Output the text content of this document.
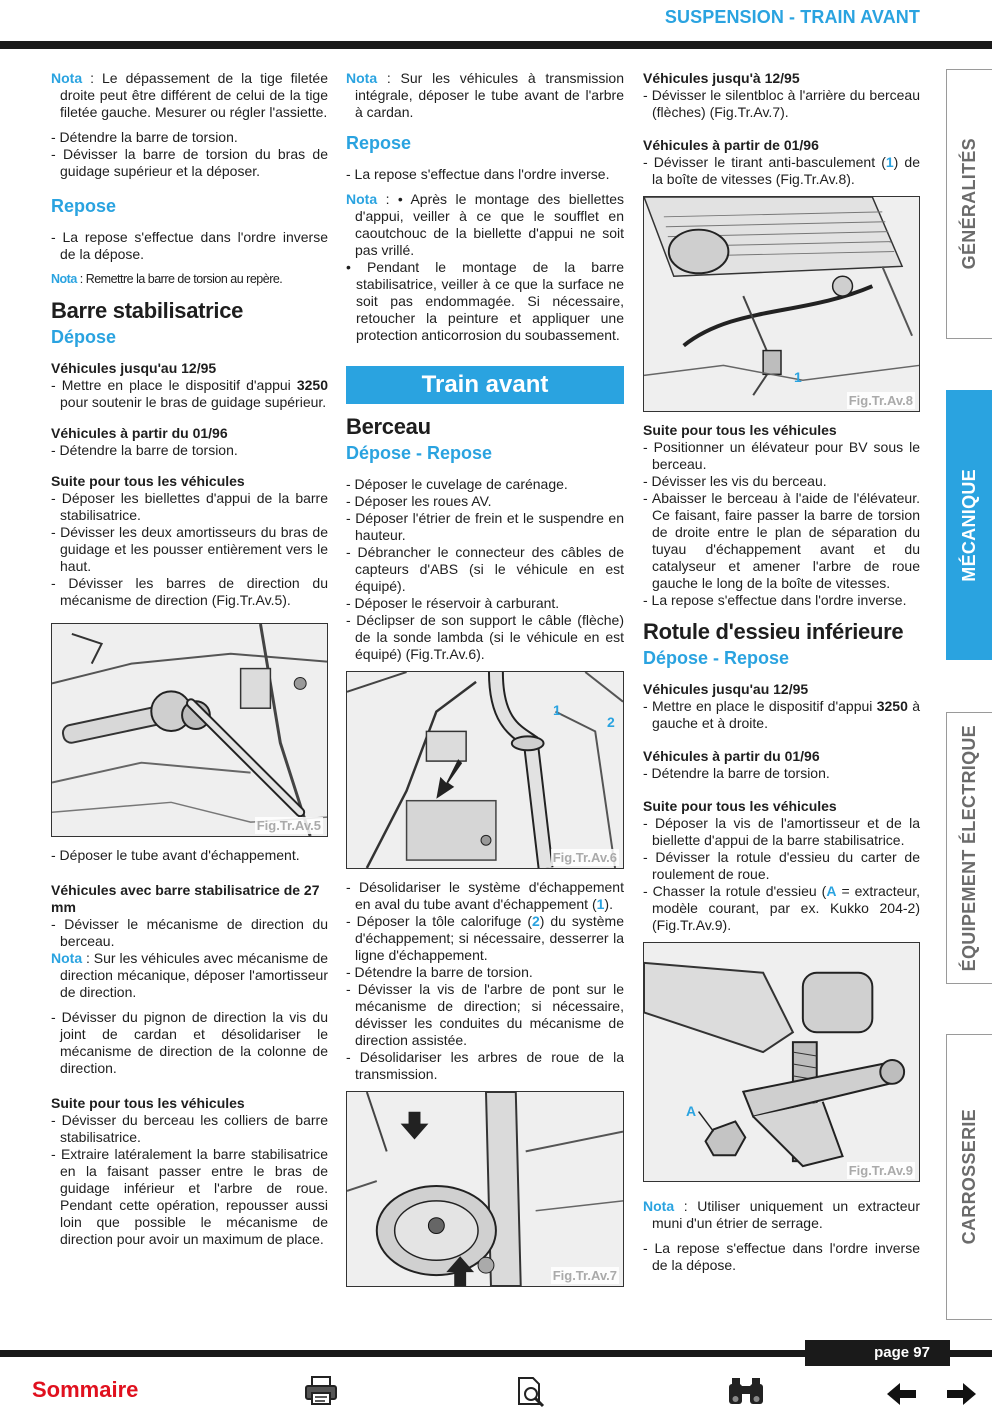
SUSPENSION - TRAIN AVANT

Nota : Le dépassement de la tige filetée droite peut être différent de celui de la tige filetée gauche. Mesurer ou régler l'assiette.

- Détendre la barre de torsion.

- Dévisser la barre de torsion du bras de guidage supérieur et la déposer.

Repose

- La repose s'effectue dans l'ordre inverse de la dépose.

Nota : Remettre la barre de torsion au repère.

Barre stabilisatrice
Dépose

Véhicules jusqu'au 12/95

- Mettre en place le dispositif d'appui 3250 pour soutenir le bras de guidage supérieur.

Véhicules à partir du 01/96

- Détendre la barre de torsion.

Suite pour tous les véhicules

- Déposer les biellettes d'appui de la barre stabilisatrice.

- Dévisser les deux amortisseurs du bras de guidage et les pousser entièrement vers le haut.

- Dévisser les barres de direction du mécanisme de direction (Fig.Tr.Av.5).

Fig.Tr.Av.5

- Déposer le tube avant d'échappement.

Véhicules avec barre stabilisatrice de 27 mm

- Dévisser le mécanisme de direction du berceau.

Nota : Sur les véhicules avec mécanisme de direction mécanique, déposer l'amortisseur de direction.

- Dévisser du pignon de direction la vis du joint de cardan et désolidariser le mécanisme de direction de la colonne de direction.

Suite pour tous les véhicules

- Dévisser du berceau les colliers de barre stabilisatrice.

- Extraire latéralement la barre stabilisatrice en la faisant passer entre le bras de guidage inférieur et l'arbre de roue. Pendant cette opération, repousser aussi loin que possible le mécanisme de direction pour avoir un maximum de place.

Nota : Sur les véhicules à transmission intégrale, déposer le tube avant de l'arbre à cardan.

Repose

- La repose s'effectue dans l'ordre inverse.

Nota : • Après le montage des biellettes d'appui, veiller à ce que le soufflet en caoutchouc de la biellette d'appui ne soit pas vrillé.

• Pendant le montage de la barre stabilisatrice, veiller à ce que la surface ne soit pas endommagée. Si nécessaire, retoucher la peinture et appliquer une protection anticorrosion du soubassement.

Train avant
Berceau
Dépose - Repose

- Déposer le cuvelage de carénage.

- Déposer les roues AV.

- Déposer l'étrier de frein et le suspendre en hauteur.

- Débrancher le connecteur des câbles de capteurs d'ABS (si le véhicule en est équipé).

- Déposer le réservoir à carburant.

- Déclipser de son support le câble (flèche) de la sonde lambda (si le véhicule en est équipé) (Fig.Tr.Av.6).

1
2
Fig.Tr.Av.6

- Désolidariser le système d'échappement en aval du tube avant d'échappement (1).

- Déposer la tôle calorifuge (2) du système d'échappement; si nécessaire, desserrer la ligne d'échappement.

- Détendre la barre de torsion.

- Dévisser la vis de l'arbre de pont sur le mécanisme de direction; si nécessaire, dévisser les conduites du mécanisme de direction assistée.

- Désolidariser les arbres de roue de la transmission.

Fig.Tr.Av.7

Véhicules jusqu'à 12/95

- Dévisser le silentbloc à l'arrière du berceau (flèches) (Fig.Tr.Av.7).

Véhicules à partir de 01/96

- Dévisser le tirant anti-basculement (1) de la boîte de vitesses (Fig.Tr.Av.8).

1
Fig.Tr.Av.8

Suite pour tous les véhicules

- Positionner un élévateur pour BV sous le berceau.

- Dévisser les vis du berceau.

- Abaisser le berceau à l'aide de l'élévateur. Ce faisant, faire passer la barre de torsion de droite entre le plan de séparation du tuyau d'échappement avant et du catalyseur et amener l'arbre de roue gauche le long de la boîte de vitesses.

- La repose s'effectue dans l'ordre inverse.

Rotule d'essieu inférieure
Dépose - Repose

Véhicules jusqu'au 12/95

- Mettre en place le dispositif d'appui 3250 à gauche et à droite.

Véhicules à partir du 01/96

- Détendre la barre de torsion.

Suite pour tous les véhicules

- Déposer la vis de l'amortisseur et de la biellette d'appui de la barre stabilisatrice.

- Dévisser la rotule d'essieu du carter de roulement de roue.

- Chasser la rotule d'essieu (A = extracteur, modèle courant, par ex. Kukko 204-2) (Fig.Tr.Av.9).

A
Fig.Tr.Av.9

Nota : Utiliser uniquement un extracteur muni d'un étrier de serrage.

- La repose s'effectue dans l'ordre inverse de la dépose.

GÉNÉRALITÉS
MÉCANIQUE
ÉQUIPEMENT ÉLECTRIQUE
CARROSSERIE
page 97
Sommaire
